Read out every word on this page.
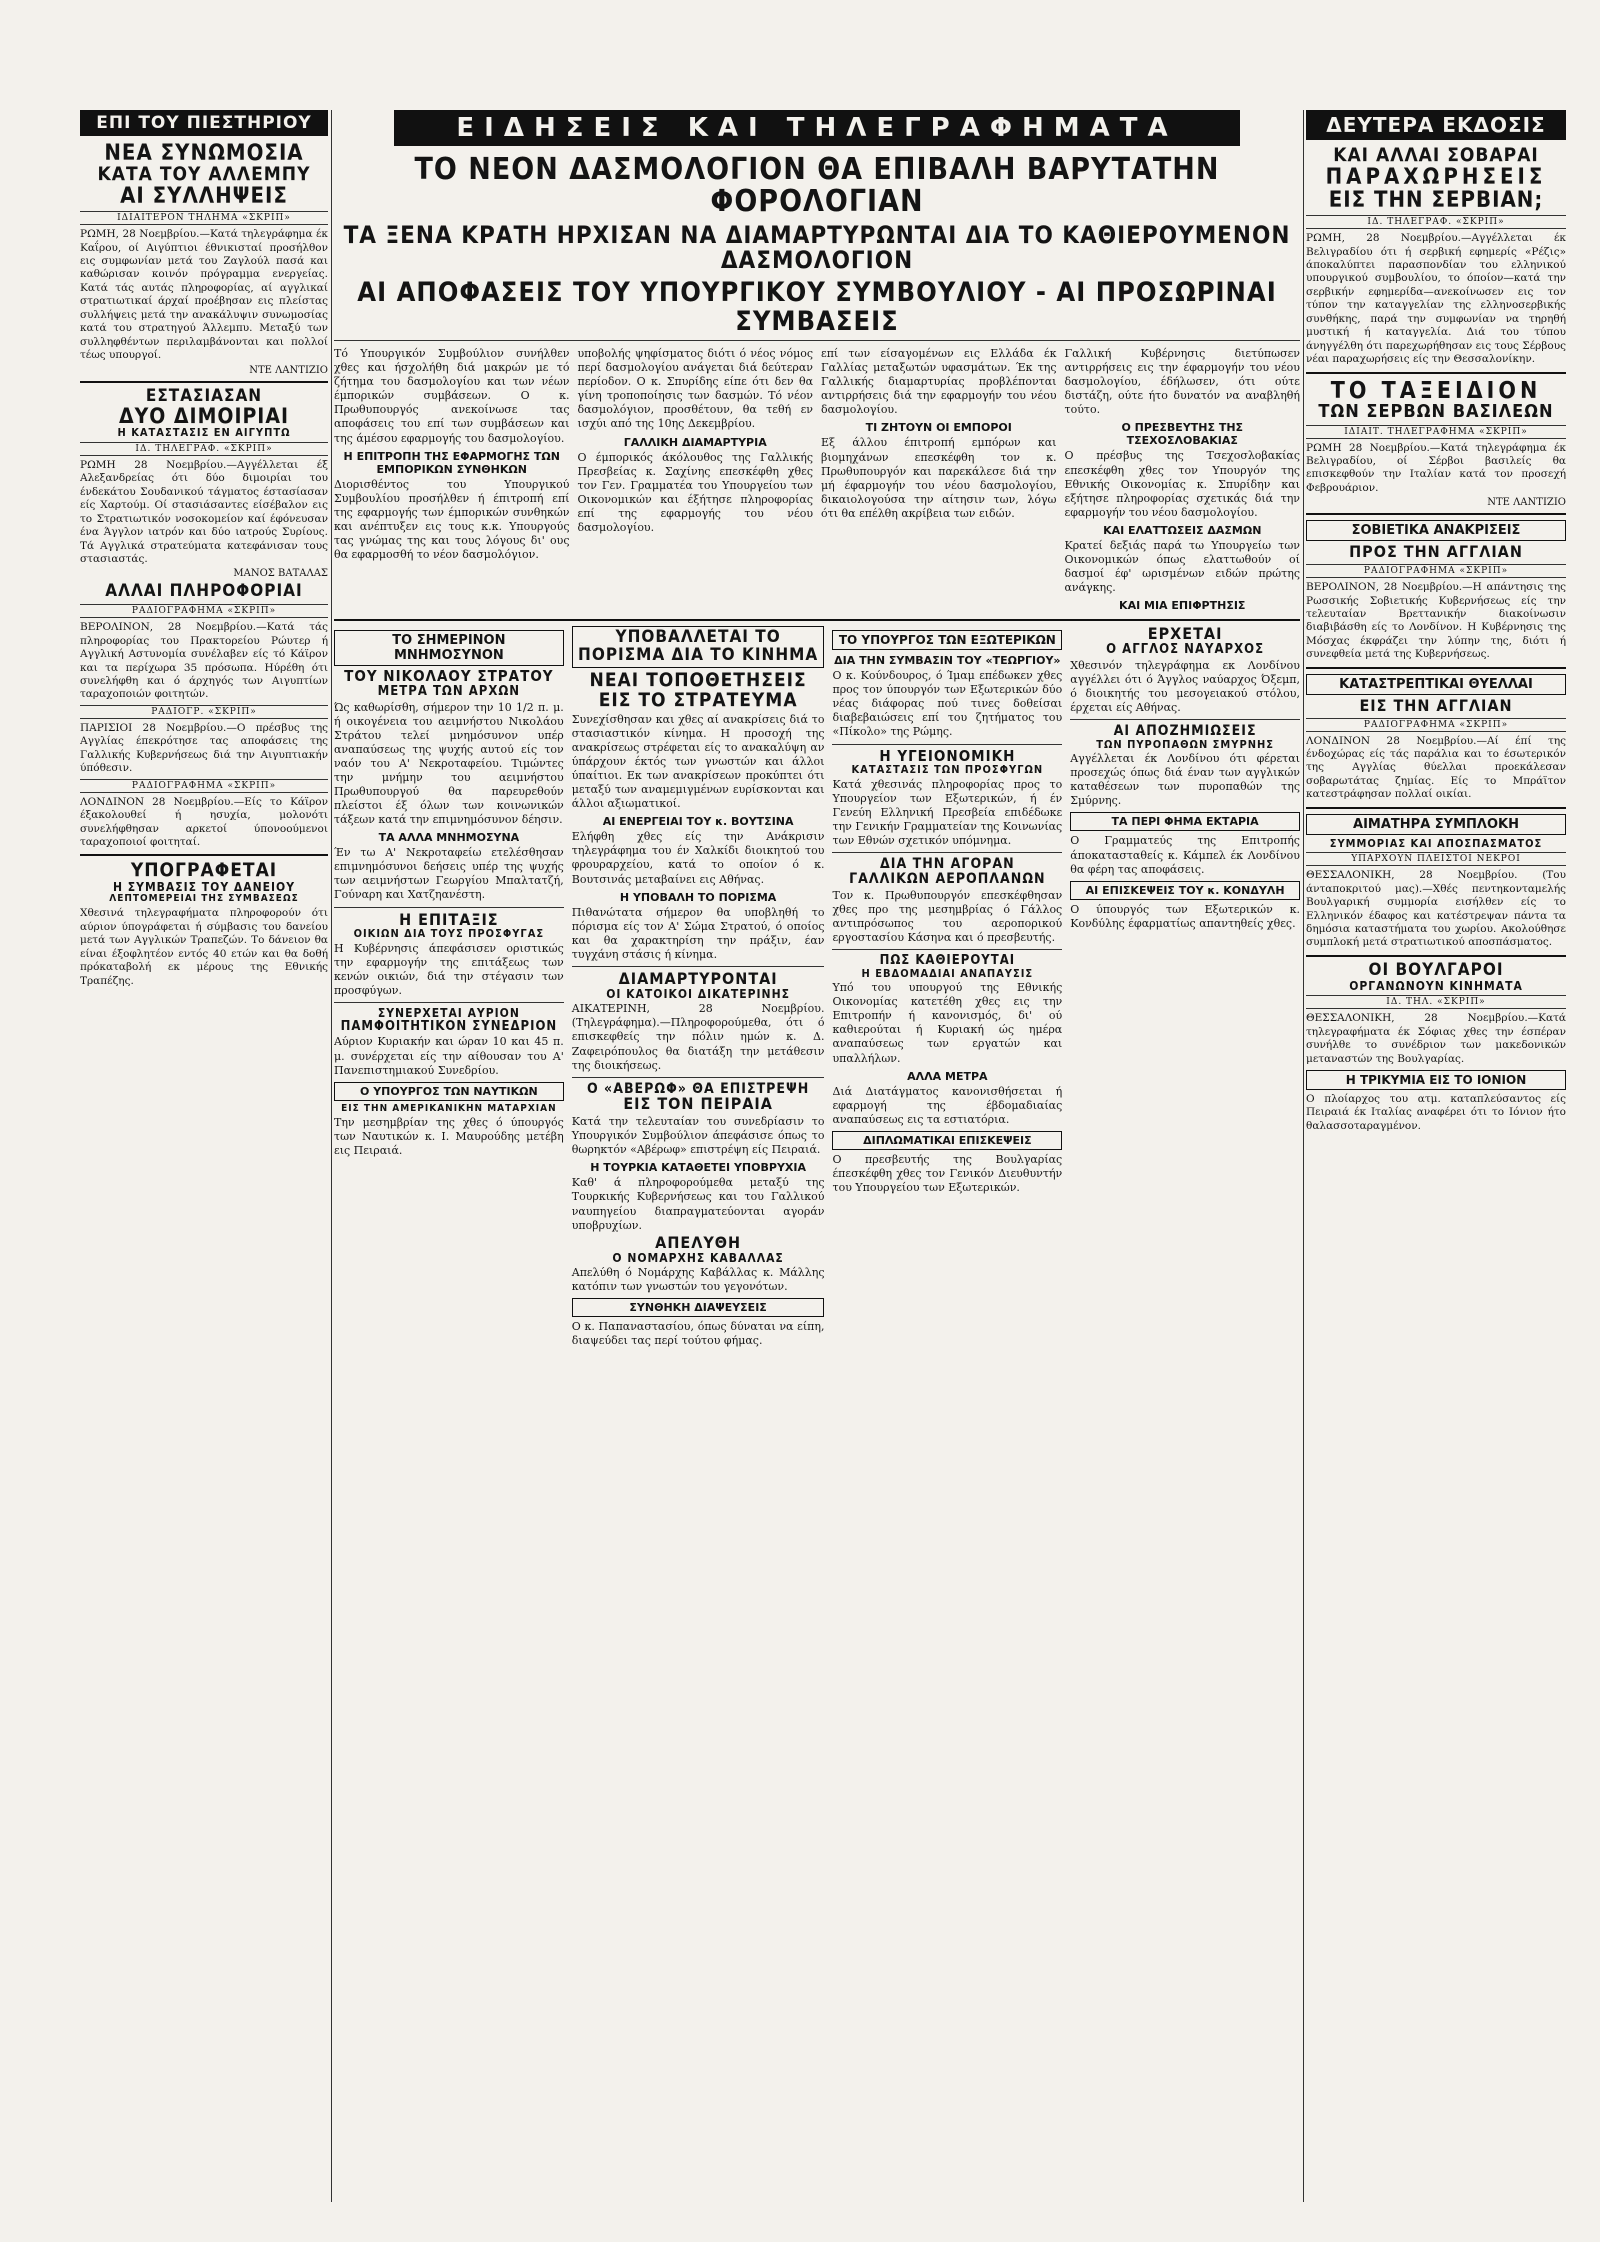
ΕΠΙ ΤΟΥ ΠΙΕΣΤΗΡΙΟΥ
ΝΕΑ ΣΥΝΩΜΟΣΙΑ
ΚΑΤΑ ΤΟΥ ΑΛΛΕΜΠΥ
ΑΙ ΣΥΛΛΗΨΕΙΣ
ΙΔΙΑΙΤΕΡΟΝ ΤΗΛΗΜΑ «ΣΚΡΙΠ»
ΡΩΜΗ, 28 Νοεμβρίου.—Κατά τηλεγράφημα έκ Καΐρου, οί Αιγύπτιοι έθνικισταί προσήλθον εις συμφωνίαν μετά του Ζαγλούλ πασά και καθώρισαν κοινόν πρόγραμμα ενεργείας. Κατά τάς αυτάς πληροφορίας, αί αγγλικαί στρατιωτικαί άρχαί προέβησαν εις πλείστας συλλήψεις μετά την ανακάλυψιν συνωμοσίας κατά του στρατηγού Άλλεμπυ. Μεταξύ των συλληφθέντων περιλαμβάνονται και πολλοί τέως υπουργοί.
ΝΤΕ ΛΑΝΤΙΖΙΟ
ΕΣΤΑΣΙΑΣΑΝ
ΔΥΟ ΔΙΜΟΙΡΙΑΙ
Η ΚΑΤΑΣΤΑΣΙΣ ΕΝ ΑΙΓΥΠΤΩ
ΙΔ. ΤΗΛΕΓΡΑΦ. «ΣΚΡΙΠ»
ΡΩΜΗ 28 Νοεμβρίου.—Αγγέλλεται έξ Αλεξανδρείας ότι δύο διμοιρίαι του ένδεκάτου Σουδανικού τάγματος έστασίασαν είς Χαρτούμ. Οί στασιάσαντες είσέβαλον εις το Στρατιωτικόν νοσοκομείον καί έφόνευσαν ένα Άγγλον ιατρόν και δύο ιατρούς Συρίους. Τά Αγγλικά στρατεύματα κατεφάνισαν τους στασιαστάς.
ΜΑΝΟΣ ΒΑΤΑΛΑΣ
ΑΛΛΑΙ ΠΛΗΡΟΦΟΡΙΑΙ
ΡΑΔΙΟΓΡΑΦΗΜΑ «ΣΚΡΙΠ»
ΒΕΡΟΛΙΝΟΝ, 28 Νοεμβρίου.—Κατά τάς πληροφορίας του Πρακτορείου Ρώυτερ ή Αγγλική Αστυνομία συνέλαβεν είς τό Κάϊρον και τα περίχωρα 35 πρόσωπα. Ηύρέθη ότι συνελήφθη και ό άρχηγός των Αιγυπτίων ταραχοποιών φοιτητών.
ΡΑΔΙΟΓΡ. «ΣΚΡΙΠ»
ΠΑΡΙΣΙΟΙ 28 Νοεμβρίου.—Ο πρέσβυς της Αγγλίας έπεκρότησε τας αποφάσεις της Γαλλικής Κυβερνήσεως διά την Αιγυπτιακήν ύπόθεσιν.
ΡΑΔΙΟΓΡΑΦΗΜΑ «ΣΚΡΙΠ»
ΛΟΝΔΙΝΟΝ 28 Νοεμβρίου.—Είς το Κάϊρον έξακολουθεί ή ησυχία, μολονότι συνελήφθησαν αρκετοί ύπονοούμενοι ταραχοποιοί φοιτηταί.
ΥΠΟΓΡΑΦΕΤΑΙ
Η ΣΥΜΒΑΣΙΣ ΤΟΥ ΔΑΝΕΙΟΥ
ΛΕΠΤΟΜΕΡΕΙΑΙ ΤΗΣ ΣΥΜΒΑΣΕΩΣ
Χθεσινά τηλεγραφήματα πληροφορούν ότι αύριον ύπογράφεται ή σύμβασις του δανείου μετά των Αγγλικών Τραπεζών. Το δάνειον θα είναι έξοφλητέον εντός 40 ετών και θα δοθή πρόκαταβολή εκ μέρους της Εθνικής Τραπέζης.
ΕΙΔΗΣΕΙΣ ΚΑΙ ΤΗΛΕΓΡΑΦΗΜΑΤΑ
ΤΟ ΝΕΟΝ ΔΑΣΜΟΛΟΓΙΟΝ ΘΑ ΕΠΙΒΑΛΗ ΒΑΡΥΤΑΤΗΝ ΦΟΡΟΛΟΓΙΑΝ
ΤΑ ΞΕΝΑ ΚΡΑΤΗ ΗΡΧΙΣΑΝ ΝΑ ΔΙΑΜΑΡΤΥΡΩΝΤΑΙ ΔΙΑ ΤΟ ΚΑΘΙΕΡΟΥΜΕΝΟΝ ΔΑΣΜΟΛΟΓΙΟΝ
ΑΙ ΑΠΟΦΑΣΕΙΣ ΤΟΥ ΥΠΟΥΡΓΙΚΟΥ ΣΥΜΒΟΥΛΙΟΥ - ΑΙ ΠΡΟΣΩΡΙΝΑΙ ΣΥΜΒΑΣΕΙΣ
Τό Υπουργικόν Συμβούλιον συνήλθεν χθες και ήσχολήθη διά μακρών με τό ζήτημα του δασμολογίου και των νέων έμπορικών συμβάσεων. Ο κ. Πρωθυπουργός ανεκοίνωσε τας αποφάσεις του επί των συμβάσεων και της άμέσου εφαρμογής του δασμολογίου.
Η ΕΠΙΤΡΟΠΗ ΤΗΣ ΕΦΑΡΜΟΓΗΣ ΤΩΝ ΕΜΠΟΡΙΚΩΝ ΣΥΝΘΗΚΩΝ
Διορισθέντος του Υπουργικού Συμβουλίου προσήλθεν ή έπιτροπή επί της εφαρμογής των έμπορικών συνθηκών και ανέπτυξεν εις τους κ.κ. Υπουργούς τας γνώμας της και τους λόγους δι' ους θα εφαρμοσθή το νέον δασμολόγιον.
υποβολής ψηφίσματος διότι ό νέος νόμος περί δασμολογίου ανάγεται διά δεύτεραν περίοδον. Ο κ. Σπυρίδης είπε ότι δεν θα γίνη τροποποίησις των δασμών. Τό νέον δασμολόγιον, προσθέτουν, θα τεθή εν ισχύι από της 10ης Δεκεμβρίου.
ΓΑΛΛΙΚΗ ΔΙΑΜΑΡΤΥΡΙΑ
Ο έμπορικός άκόλουθος της Γαλλικής Πρεσβείας κ. Σαχίνης επεσκέφθη χθες τον Γεν. Γραμματέα του Υπουργείου των Οικονομικών και έξήτησε πληροφορίας επί της εφαρμογής του νέου δασμολογίου.
επί των είσαγομένων εις Ελλάδα έκ Γαλλίας μεταξωτών υφασμάτων. Έκ της Γαλλικής διαμαρτυρίας προβλέπονται αντιρρήσεις διά την εφαρμογήν του νέου δασμολογίου.
ΤΙ ΖΗΤΟΥΝ ΟΙ ΕΜΠΟΡΟΙ
Εξ άλλου έπιτροπή εμπόρων και βιομηχάνων επεσκέφθη τον κ. Πρωθυπουργόν και παρεκάλεσε διά την μή έφαρμογήν του νέου δασμολογίου, δικαιολογούσα την αίτησιν των, λόγω ότι θα επέλθη ακρίβεια των ειδών.
Γαλλική Κυβέρνησις διετύπωσεν αντιρρήσεις εις την έφαρμογήν του νέου δασμολογίου, έδήλωσεν, ότι ούτε διστάζη, ούτε ήτο δυνατόν να αναβληθή τούτο.
Ο ΠΡΕΣΒΕΥΤΗΣ ΤΗΣ ΤΣΕΧΟΣΛΟΒΑΚΙΑΣ
Ο πρέσβυς της Τσεχοσλοβακίας επεσκέφθη χθες τον Υπουργόν της Εθνικής Οικονομίας κ. Σπυρίδην και εξήτησε πληροφορίας σχετικάς διά την εφαρμογήν του νέου δασμολογίου.
ΚΑΙ ΕΛΑΤΤΩΣΕΙΣ ΔΑΣΜΩΝ
Κρατεί δεξιάς παρά τω Υπουργείω των Οικονομικών όπως ελαττωθούν οί δασμοί έφ' ωρισμένων ειδών πρώτης ανάγκης.
ΚΑΙ ΜΙΑ ΕΠΙΦΡΤΗΣΙΣ
ΤΟ ΣΗΜΕΡΙΝΟΝ ΜΝΗΜΟΣΥΝΟΝ
ΤΟΥ ΝΙΚΟΛΑΟΥ ΣΤΡΑΤΟΥ
ΜΕΤΡΑ ΤΩΝ ΑΡΧΩΝ
Ώς καθωρίσθη, σήμερον την 10 1/2 π. μ. ή οικογένεια του αειμνήστου Νικολάου Στράτου τελεί μνημόσυνον υπέρ αναπαύσεως της ψυχής αυτού είς τον ναόν του Α' Νεκροταφείου. Τιμώντες την μνήμην του αειμνήστου Πρωθυπουργού θα παρευρεθούν πλείστοι έξ όλων των κοινωνικών τάξεων κατά την επιμνημόσυνον δέησιν.
ΤΑ ΑΛΛΑ ΜΝΗΜΟΣΥΝΑ
Έν τω Α' Νεκροταφείω ετελέσθησαν επιμνημόσυνοι δεήσεις υπέρ της ψυχής των αειμνήστων Γεωργίου Μπαλτατζή, Γούναρη και Χατζηανέστη.
Η ΕΠΙΤΑΞΙΣ
ΟΙΚΙΩΝ ΔΙΑ ΤΟΥΣ ΠΡΟΣΦΥΓΑΣ
Η Κυβέρνησις άπεφάσισεν οριστικώς την εφαρμογήν της επιτάξεως των κενών οικιών, διά την στέγασιν των προσφύγων.
ΣΥΝΕΡΧΕΤΑΙ ΑΥΡΙΟΝ
ΠΑΜΦΟΙΤΗΤΙΚΟΝ ΣΥΝΕΔΡΙΟΝ
Αύριον Κυριακήν και ώραν 10 και 45 π. μ. συνέρχεται είς την αίθουσαν του Α' Πανεπιστημιακού Συνεδρίου.
Ο ΥΠΟΥΡΓΟΣ ΤΩΝ ΝΑΥΤΙΚΩΝ
ΕΙΣ ΤΗΝ ΑΜΕΡΙΚΑΝΙΚΗΝ ΜΑΤΑΡΧΙΑΝ
Την μεσημβρίαν της χθες ό ύπουργός των Ναυτικών κ. Ι. Μαυρούδης μετέβη εις Πειραιά.
ΥΠΟΒΑΛΛΕΤΑΙ ΤΟ ΠΟΡΙΣΜΑ ΔΙΑ ΤΟ ΚΙΝΗΜΑ
ΝΕΑΙ ΤΟΠΟΘΕΤΗΣΕΙΣ ΕΙΣ ΤΟ ΣΤΡΑΤΕΥΜΑ
Συνεχίσθησαν και χθες αί ανακρίσεις διά το στασιαστικόν κίνημα. Η προσοχή της ανακρίσεως στρέφεται είς το ανακαλύψη αν ύπάρχουν έκτός των γνωστών και άλλοι ύπαίτιοι. Εκ των ανακρίσεων προκύπτει ότι μεταξύ των αναμεμιγμένων ευρίσκονται και άλλοι αξιωματικοί.
ΑΙ ΕΝΕΡΓΕΙΑΙ ΤΟΥ κ. ΒΟΥΤΣΙΝΑ
Ελήφθη χθες είς την Ανάκρισιν τηλεγράφημα του έν Χαλκίδι διοικητού του φρουραρχείου, κατά το οποίον ό κ. Βουτσινάς μεταβαίνει εις Αθήνας.
Η ΥΠΟΒΑΛΗ ΤΟ ΠΟΡΙΣΜΑ
Πιθανώτατα σήμερον θα υποβληθή το πόρισμα είς τον Α' Σώμα Στρατού, ό οποίος και θα χαρακτηρίση την πράξιν, έαν τυγχάνη στάσις ή κίνημα.
ΔΙΑΜΑΡΤΥΡΟΝΤΑΙ
ΟΙ ΚΑΤΟΙΚΟΙ ΔΙΚΑΤΕΡΙΝΗΣ
ΑΙΚΑΤΕΡΙΝΗ, 28 Νοεμβρίου. (Τηλεγράφημα).—Πληροφορούμεθα, ότι ό επισκεφθείς την πόλιν ημών κ. Δ. Ζαφειρόπουλος θα διατάξη την μετάθεσιν της διοικήσεως.
Ο «ΑΒΕΡΩΦ» ΘΑ ΕΠΙΣΤΡΕΨΗ
ΕΙΣ ΤΟΝ ΠΕΙΡΑΙΑ
Κατά την τελευταίαν του συνεδρίασιν το Υπουργικόν Συμβούλιον άπεφάσισε όπως το θωρηκτόν «Αβέρωφ» επιστρέψη είς Πειραιά.
Η ΤΟΥΡΚΙΑ ΚΑΤΑΘΕΤΕΙ ΥΠΟΒΡΥΧΙΑ
Καθ' ά πληροφορούμεθα μεταξύ της Τουρκικής Κυβερνήσεως και του Γαλλικού ναυπηγείου διαπραγματεύονται αγοράν υποβρυχίων.
ΑΠΕΛΥΘΗ
Ο ΝΟΜΑΡΧΗΣ ΚΑΒΑΛΛΑΣ
Απελύθη ό Νομάρχης Καβάλλας κ. Μάλλης κατόπιν των γνωστών του γεγονότων.
ΣΥΝΘΗΚΗ ΔΙΑΨΕΥΣΕΙΣ
Ο κ. Παπαναστασίου, όπως δύναται να είπη, διαψεύδει τας περί τούτου φήμας.
ΤΟ ΥΠΟΥΡΓΟΣ ΤΩΝ ΕΞΩΤΕΡΙΚΩΝ
ΔΙΑ ΤΗΝ ΣΥΜΒΑΣΙΝ ΤΟΥ «ΤΕΩΡΓΙΟΥ»
Ο κ. Κούνδουρος, ό Ίμαμ επέδωκεν χθες προς τον ύπουργόν των Εξωτερικών δύο νέας διάφορας πού τινες δοθείσαι διαβεβαιώσεις επί του ζητήματος του «Πίκολο» της Ρώμης.
Η ΥΓΕΙΟΝΟΜΙΚΗ
ΚΑΤΑΣΤΑΣΙΣ ΤΩΝ ΠΡΟΣΦΥΓΩΝ
Κατά χθεσινάς πληροφορίας προς το Υπουργείον των Εξωτερικών, ή έν Γενεύη Ελληνική Πρεσβεία επιδέδωκε την Γενικήν Γραμματείαν της Κοινωνίας των Εθνών σχετικόν υπόμνημα.
ΔΙΑ ΤΗΝ ΑΓΟΡΑΝ
ΓΑΛΛΙΚΩΝ ΑΕΡΟΠΛΑΝΩΝ
Τον κ. Πρωθυπουργόν επεσκέφθησαν χθες προ της μεσημβρίας ό Γάλλος αντιπρόσωπος του αεροπορικού εργοστασίου Κάσηνα και ό πρεσβευτής.
ΠΩΣ ΚΑΘΙΕΡΟΥΤΑΙ
Η ΕΒΔΟΜΑΔΙΑΙ ΑΝΑΠΑΥΣΙΣ
Υπό του υπουργού της Εθνικής Οικονομίας κατετέθη χθες εις την Επιτροπήν ή κανονισμός, δι' ού καθιερούται ή Κυριακή ώς ημέρα αναπαύσεως των εργατών και υπαλλήλων.
ΑΛΛΑ ΜΕΤΡΑ
Διά Διατάγματος κανονισθήσεται ή εφαρμογή της έβδομαδιαίας αναπαύσεως εις τα εστιατόρια.
ΔΙΠΛΩΜΑΤΙΚΑΙ ΕΠΙΣΚΕΨΕΙΣ
Ο πρεσβευτής της Βουλγαρίας έπεσκέφθη χθες τον Γενικόν Διευθυντήν του Υπουργείου των Εξωτερικών.
ΕΡΧΕΤΑΙ
Ο ΑΓΓΛΟΣ ΝΑΥΑΡΧΟΣ
Χθεσινόν τηλεγράφημα εκ Λονδίνου αγγέλλει ότι ό Άγγλος ναύαρχος Όξεμπ, ό διοικητής του μεσογειακού στόλου, έρχεται είς Αθήνας.
ΑΙ ΑΠΟΖΗΜΙΩΣΕΙΣ
ΤΩΝ ΠΥΡΟΠΑΘΩΝ ΣΜΥΡΝΗΣ
Αγγέλλεται έκ Λονδίνου ότι φέρεται προσεχώς όπως διά έναν των αγγλικών καταθέσεων των πυροπαθών της Σμύρνης.
ΤΑ ΠΕΡΙ ΦΗΜΑ ΕΚΤΑΡΙΑ
Ο Γραμματεύς της Επιτροπής άποκατασταθείς κ. Κάμπελ έκ Λονδίνου θα φέρη τας αποφάσεις.
ΑΙ ΕΠΙΣΚΕΨΕΙΣ ΤΟΥ κ. ΚΟΝΔΥΛΗ
Ο ύπουργός των Εξωτερικών κ. Κονδύλης έφαρματίως απαντηθείς χθες.
ΔΕΥΤΕΡΑ ΕΚΔΟΣΙΣ
ΚΑΙ ΑΛΛΑΙ ΣΟΒΑΡΑΙ
ΠΑΡΑΧΩΡΗΣΕΙΣ
ΕΙΣ ΤΗΝ ΣΕΡΒΙΑΝ;
ΙΔ. ΤΗΛΕΓΡΑΦ. «ΣΚΡΙΠ»
ΡΩΜΗ, 28 Νοεμβρίου.—Αγγέλλεται έκ Βελιγραδίου ότι ή σερβική εφημερίς «Ρέζις» άποκαλύπτει παρασπονδίαν του ελληνικού υπουργικού συμβουλίου, το όποίον—κατά την σερβικήν εφημερίδα—ανεκοίνωσεν εις τον τύπον την καταγγελίαν της ελληνοσερβικής συνθήκης, παρά την συμφωνίαν να τηρηθή μυστική ή καταγγελία. Διά του τύπου άνηγγέλθη ότι παρεχωρήθησαν εις τους Σέρβους νέαι παραχωρήσεις είς την Θεσσαλονίκην.
ΤΟ ΤΑΞΕΙΔΙΟΝ
ΤΩΝ ΣΕΡΒΩΝ ΒΑΣΙΛΕΩΝ
ΙΔΙΑΙΤ. ΤΗΛΕΓΡΑΦΗΜΑ «ΣΚΡΙΠ»
ΡΩΜΗ 28 Νοεμβρίου.—Κατά τηλεγράφημα έκ Βελιγραδίου, οί Σέρβοι βασιλείς θα επισκεφθούν την Ιταλίαν κατά τον προσεχή Φεβρουάριον.
ΝΤΕ ΛΑΝΤΙΖΙΟ
ΣΟΒΙΕΤΙΚΑ ΑΝΑΚΡΙΣΕΙΣ
ΠΡΟΣ ΤΗΝ ΑΓΓΛΙΑΝ
ΡΑΔΙΟΓΡΑΦΗΜΑ «ΣΚΡΙΠ»
ΒΕΡΟΛΙΝΟΝ, 28 Νοεμβρίου.—Η απάντησις της Ρωσσικής Σοβιετικής Κυβερνήσεως είς την τελευταίαν Βρεττανικήν διακοίνωσιν διαβιβάσθη είς το Λονδίνον. Η Κυβέρνησις της Μόσχας έκφράζει την λύπην της, διότι ή συνεφθεία μετά της Κυβερνήσεως.
ΚΑΤΑΣΤΡΕΠΤΙΚΑΙ ΘΥΕΛΛΑΙ
ΕΙΣ ΤΗΝ ΑΓΓΛΙΑΝ
ΡΑΔΙΟΓΡΑΦΗΜΑ «ΣΚΡΙΠ»
ΛΟΝΔΙΝΟΝ 28 Νοεμβρίου.—Αί έπί της ένδοχώρας είς τάς παράλια και το έσωτερικόν της Αγγλίας θύελλαι προεκάλεσαν σοβαρωτάτας ζημίας. Είς το Μπράϊτον κατεστράφησαν πολλαί οικίαι.
ΑΙΜΑΤΗΡΑ ΣΥΜΠΛΟΚΗ
ΣΥΜΜΟΡΙΑΣ ΚΑΙ ΑΠΟΣΠΑΣΜΑΤΟΣ
ΥΠΑΡΧΟΥΝ ΠΛΕΙΣΤΟΙ ΝΕΚΡΟΙ
ΘΕΣΣΑΛΟΝΙΚΗ, 28 Νοεμβρίου. (Του άνταποκριτού μας).—Χθές πεντηκονταμελής Βουλγαρική συμμορία εισήλθεν είς το Ελληνικόν έδαφος και κατέστρεψαν πάντα τα δημόσια καταστήματα του χωρίου. Ακολούθησε συμπλοκή μετά στρατιωτικού αποσπάσματος.
ΟΙ ΒΟΥΛΓΑΡΟΙ
ΟΡΓΑΝΩΝΟΥΝ ΚΙΝΗΜΑΤΑ
ΙΔ. ΤΗΛ. «ΣΚΡΙΠ»
ΘΕΣΣΑΛΟΝΙΚΗ, 28 Νοεμβρίου.—Κατά τηλεγραφήματα έκ Σόφιας χθες την έσπέραν συνήλθε το συνέδριον των μακεδονικών μεταναστών της Βουλγαρίας.
Η ΤΡΙΚΥΜΙΑ ΕΙΣ ΤΟ ΙΟΝΙΟΝ
Ο πλοίαρχος του ατμ. καταπλεύσαντος είς Πειραιά έκ Ιταλίας αναφέρει ότι το Ιόνιον ήτο θαλασσοταραγμένον.
